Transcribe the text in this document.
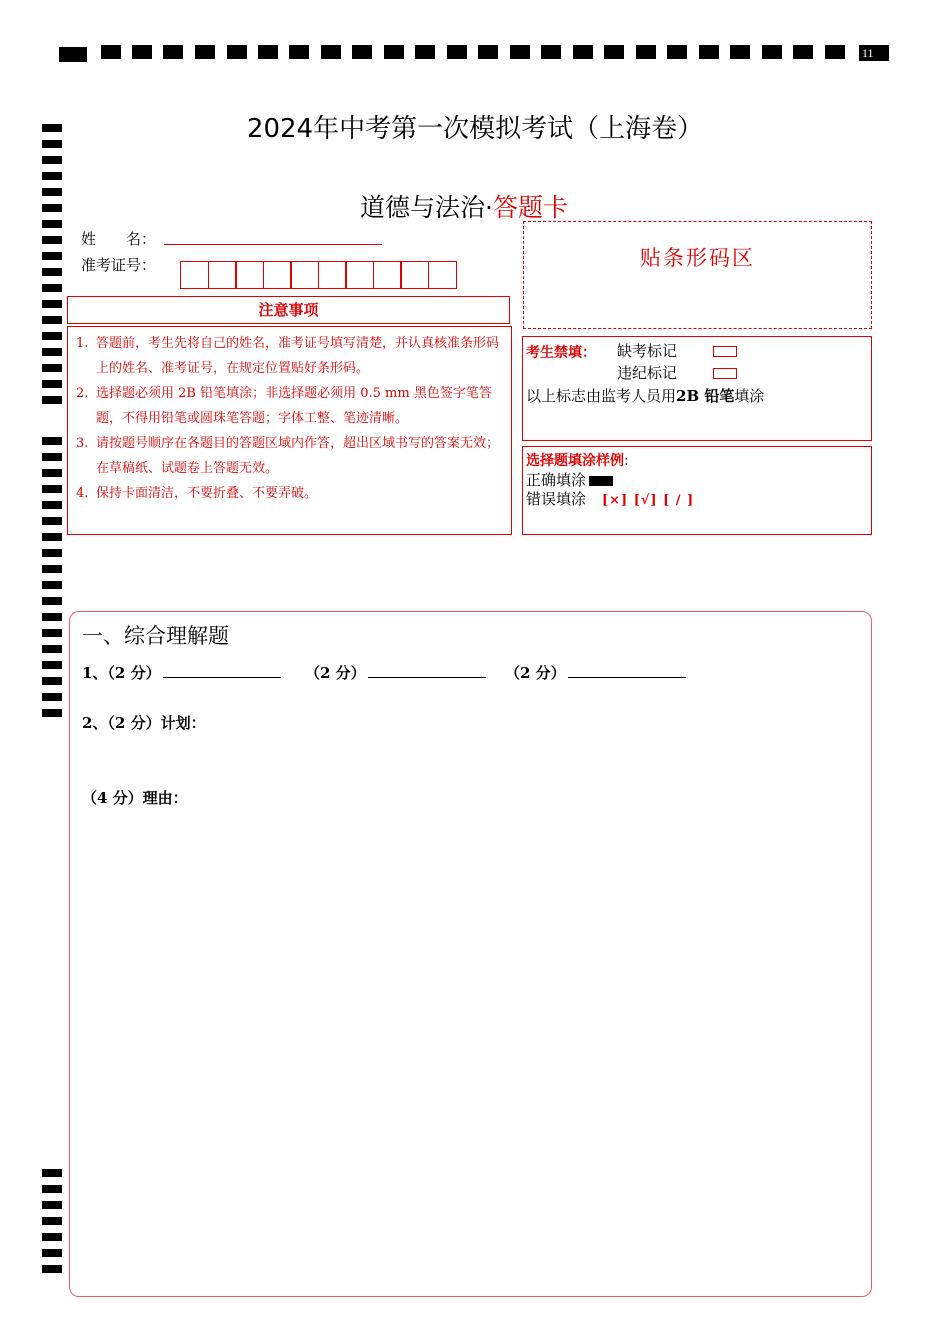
11
2024年中考第一次模拟考试（上海卷）
道德与法治·答题卡
姓　　名：
准考证号：
注意事项
1. 答题前，考生先将自己的姓名，准考证号填写清楚，并认真核准条形码上的姓名、准考证号，在规定位置贴好条形码。
2. 选择题必须用 2B 铅笔填涂；非选择题必须用 0.5 mm 黑色签字笔答题，不得用铅笔或圆珠笔答题；字体工整、笔迹清晰。
3. 请按题号顺序在各题目的答题区域内作答，超出区域书写的答案无效；在草稿纸、试题卷上答题无效。
4. 保持卡面清洁，不要折叠、不要弄破。
贴条形码区
考生禁填： 缺考标记
违纪标记
以上标志由监考人员用2B 铅笔填涂
选择题填涂样例:
正确填涂
错误填涂 [×] [√] [ / ]
一、综合理解题
1、（2 分）	（2 分）	（2 分）
2、（2 分）计划：
（4 分）理由：
